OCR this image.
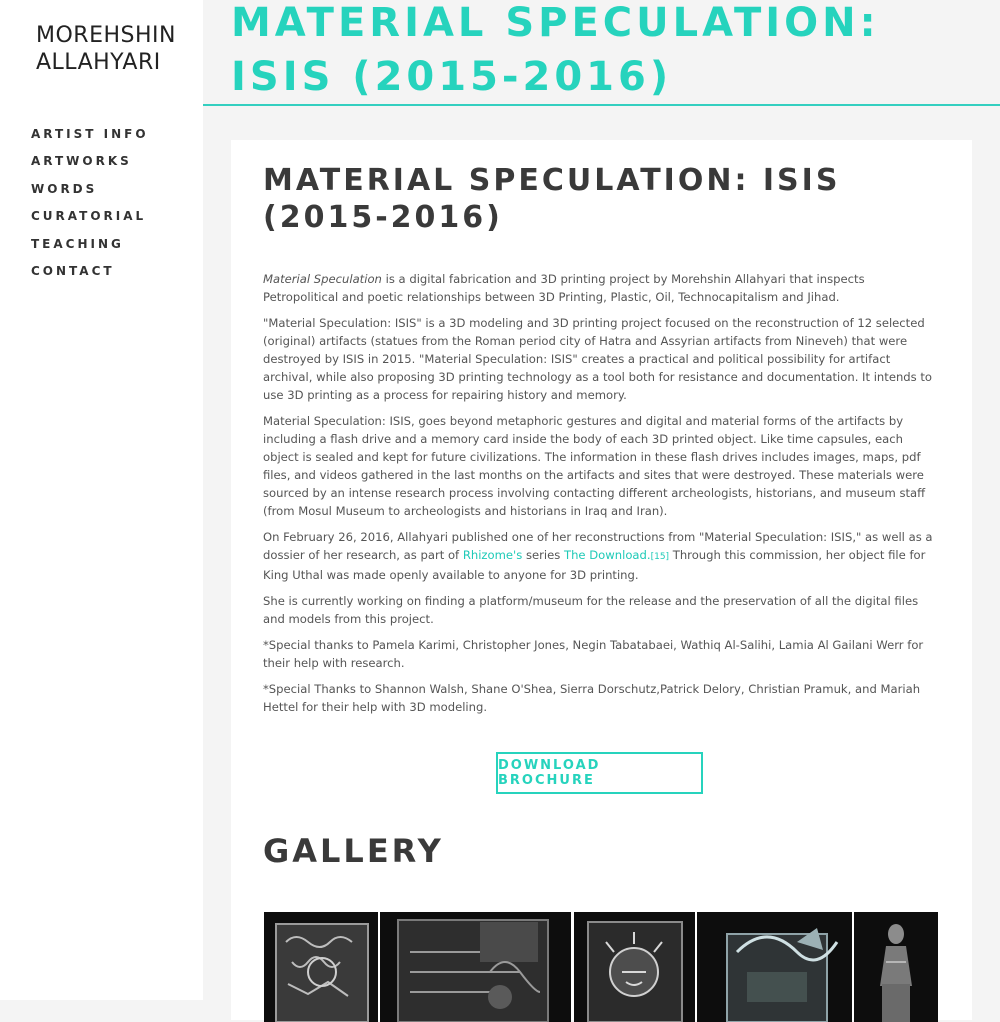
MOREHSHIN
ALLAHYARI
ARTIST INFO
ARTWORKS
WORDS
CURATORIAL
TEACHING
CONTACT
MATERIAL SPECULATION: ISIS (2015-2016)
MATERIAL SPECULATION: ISIS (2015-2016)

Material Speculation is a digital fabrication and 3D printing project by Morehshin Allahyari that inspects Petropolitical and poetic relationships between 3D Printing, Plastic, Oil, Technocapitalism and Jihad.

"Material Speculation: ISIS" is a 3D modeling and 3D printing project focused on the reconstruction of 12 selected (original) artifacts (statues from the Roman period city of Hatra and Assyrian artifacts from Nineveh) that were destroyed by ISIS in 2015. "Material Speculation: ISIS" creates a practical and political possibility for artifact archival, while also proposing 3D printing technology as a tool both for resistance and documentation. It intends to use 3D printing as a process for repairing history and memory.

Material Speculation: ISIS, goes beyond metaphoric gestures and digital and material forms of the artifacts by including a flash drive and a memory card inside the body of each 3D printed object. Like time capsules, each object is sealed and kept for future civilizations. The information in these flash drives includes images, maps, pdf files, and videos gathered in the last months on the artifacts and sites that were destroyed. These materials were sourced by an intense research process involving contacting different archeologists, historians, and museum staff (from Mosul Museum to archeologists and historians in Iraq and Iran).

On February 26, 2016, Allahyari published one of her reconstructions from "Material Speculation: ISIS," as well as a dossier of her research, as part of Rhizome's series The Download.[15] Through this commission, her object file for King Uthal was made openly available to anyone for 3D printing.

She is currently working on finding a platform/museum for the release and the preservation of all the digital files and models from this project.

*Special thanks to Pamela Karimi, Christopher Jones, Negin Tabatabaei, Wathiq Al-Salihi, Lamia Al Gailani Werr for their help with research.

*Special Thanks to Shannon Walsh, Shane O'Shea, Sierra Dorschutz,Patrick Delory, Christian Pramuk, and Mariah Hettel for their help with 3D modeling.

DOWNLOAD BROCHURE
GALLERY
